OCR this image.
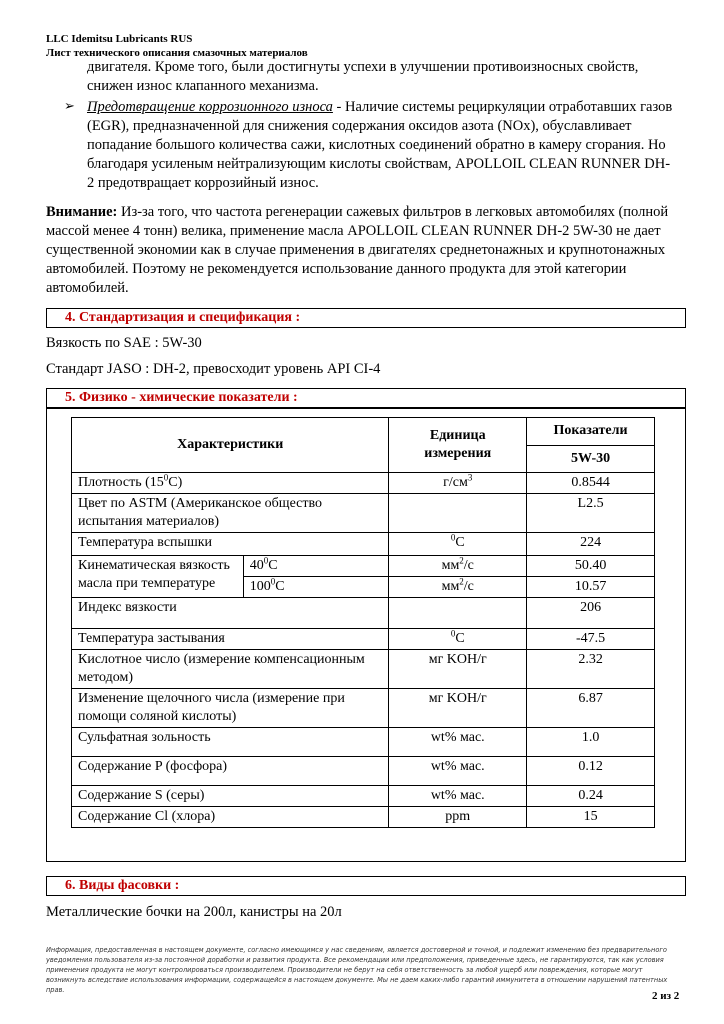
LLC Idemitsu Lubricants RUS
Лист технического описания смазочных материалов
двигателя. Кроме того, были достигнуты успехи в улучшении противоизносных свойств,
снижен износ клапанного механизма.
➢ Предотвращение коррозионного износа - Наличие системы рециркуляции отработавших газов
(EGR), предназначенной для снижения содержания оксидов азота (NOx), обуславливает
попадание большого количества сажи, кислотных соединений обратно в камеру сгорания. Но
благодаря усиленым нейтрализующим кислоты свойствам, APOLLOIL CLEAN RUNNER DH-
2 предотвращает коррозийный износ.
Внимание: Из-за того, что частота регенерации сажевых фильтров в легковых автомобилях (полной
массой менее 4 тонн) велика, применение масла APOLLOIL CLEAN RUNNER DH-2 5W-30 не дает
существенной экономии как в случае применения в двигателях среднетонажных и крупнотонажных
автомобилей. Поэтому не рекомендуется использование данного продукта для этой категории
автомобилей.
4. Стандартизация и спецификация :
Вязкость по SAE : 5W-30
Стандарт JASO : DH-2, превосходит уровень API CI-4
5. Физико - химические показатели :
Характеристики		Единица
измерения	Показатели
			5W-30
Плотность $(15^0C)$		$г/см^3$	0.8544
Цвет по ASTM (Американское общество испытания материалов)			L2.5
Температура вспышки		$^0$C	224
Кинематическая вязкость масла при температуре	$40^0C$	$мм^2/с$	50.40
	$100^0C$	$мм^2/с$	10.57
Индекс вязкости			206
Температура застывания		$^0$C	-47.5
Кислотное число (измерение компенсационным методом)		мг KOH/г	2.32
Изменение щелочного числа (измерение при помощи соляной кислоты)		мг KOH/г	6.87
Сульфатная зольность		wt% мас.	1.0
Содержание P (фосфора)		wt% мас.	0.12
Содержание S (серы)		wt% мас.	0.24
Содержание Cl (хлора)		ppm	15
6. Виды фасовки :
Металлические бочки на 200л, канистры на 20л
Информация, предоставленная в настоящем документе, согласно имеющимся у нас сведениям, является достоверной и точной, и подлежит изменению без предварительного уведомления пользователя из-за постоянной доработки и развития продукта. Все рекомендации или предположения, приведенные здесь, не гарантируются, так как условия применения продукта не могут контролироваться производителем. Производители не берут на себя ответственность за любой ущерб или повреждения, которые могут возникнуть вследствие использования информации, содержащейся в настоящем документе. Мы не даем каких-либо гарантий иммунитета в отношении нарушений патентных прав.	2 из 2
